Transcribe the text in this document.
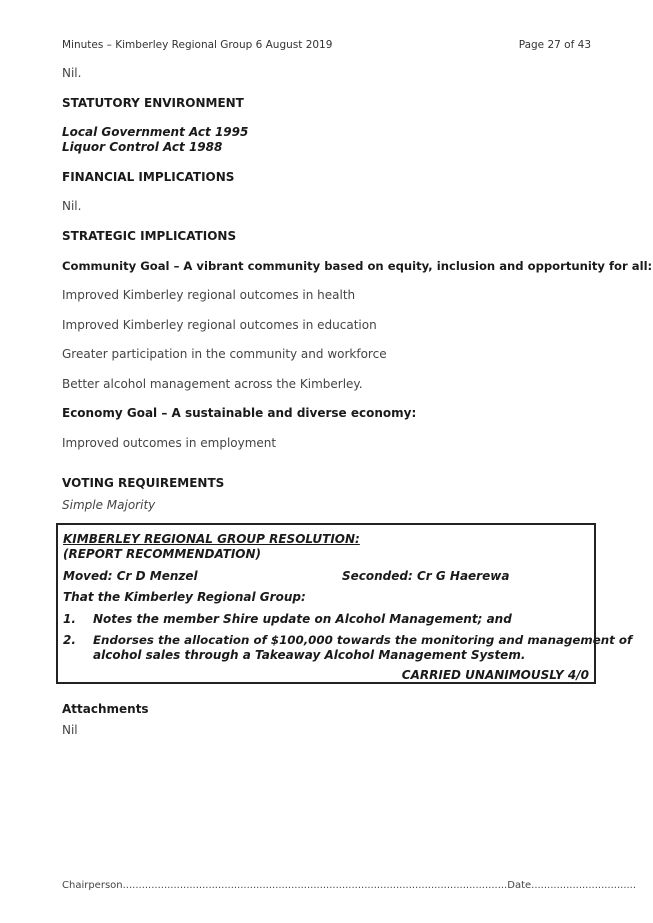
Minutes – Kimberley Regional Group 6 August 2019	Page 27 of 43
Nil.
STATUTORY ENVIRONMENT
Local Government Act 1995
Liquor Control Act 1988
FINANCIAL IMPLICATIONS
Nil.
STRATEGIC IMPLICATIONS
Community Goal – A vibrant community based on equity, inclusion and opportunity for all:
Improved Kimberley regional outcomes in health
Improved Kimberley regional outcomes in education
Greater participation in the community and workforce
Better alcohol management across the Kimberley.
Economy Goal – A sustainable and diverse economy:
Improved outcomes in employment
VOTING REQUIREMENTS
Simple Majority
KIMBERLEY REGIONAL GROUP RESOLUTION:
(REPORT RECOMMENDATION)
Moved: Cr D Menzel	Seconded: Cr G Haerewa
That the Kimberley Regional Group:
1. Notes the member Shire update on Alcohol Management; and
2. Endorses the allocation of $100,000 towards the monitoring and management of
alcohol sales through a Takeaway Alcohol Management System.
CARRIED UNANIMOUSLY 4/0
Attachments
Nil
Chairperson.........................................................................................................................Date.................................
